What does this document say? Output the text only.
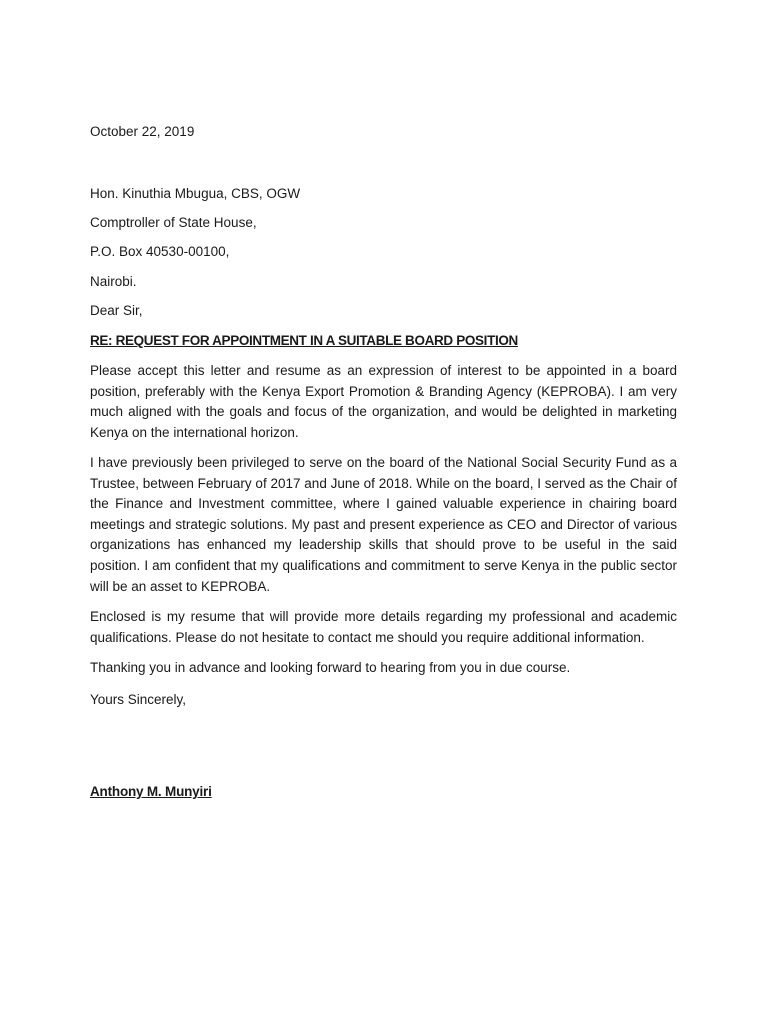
October 22, 2019
Hon. Kinuthia Mbugua, CBS, OGW
Comptroller of State House,
P.O. Box 40530-00100,
Nairobi.
Dear Sir,
RE: REQUEST FOR APPOINTMENT IN A SUITABLE BOARD POSITION
Please accept this letter and resume as an expression of interest to be appointed in a board position, preferably with the Kenya Export Promotion & Branding Agency (KEPROBA). I am very much aligned with the goals and focus of the organization, and would be delighted in marketing Kenya on the international horizon.
I have previously been privileged to serve on the board of the National Social Security Fund as a Trustee, between February of 2017 and June of 2018. While on the board, I served as the Chair of the Finance and Investment committee, where I gained valuable experience in chairing board meetings and strategic solutions. My past and present experience as CEO and Director of various organizations has enhanced my leadership skills that should prove to be useful in the said position. I am confident that my qualifications and commitment to serve Kenya in the public sector will be an asset to KEPROBA.
Enclosed is my resume that will provide more details regarding my professional and academic qualifications. Please do not hesitate to contact me should you require additional information.
Thanking you in advance and looking forward to hearing from you in due course.
Yours Sincerely,
Anthony M. Munyiri
